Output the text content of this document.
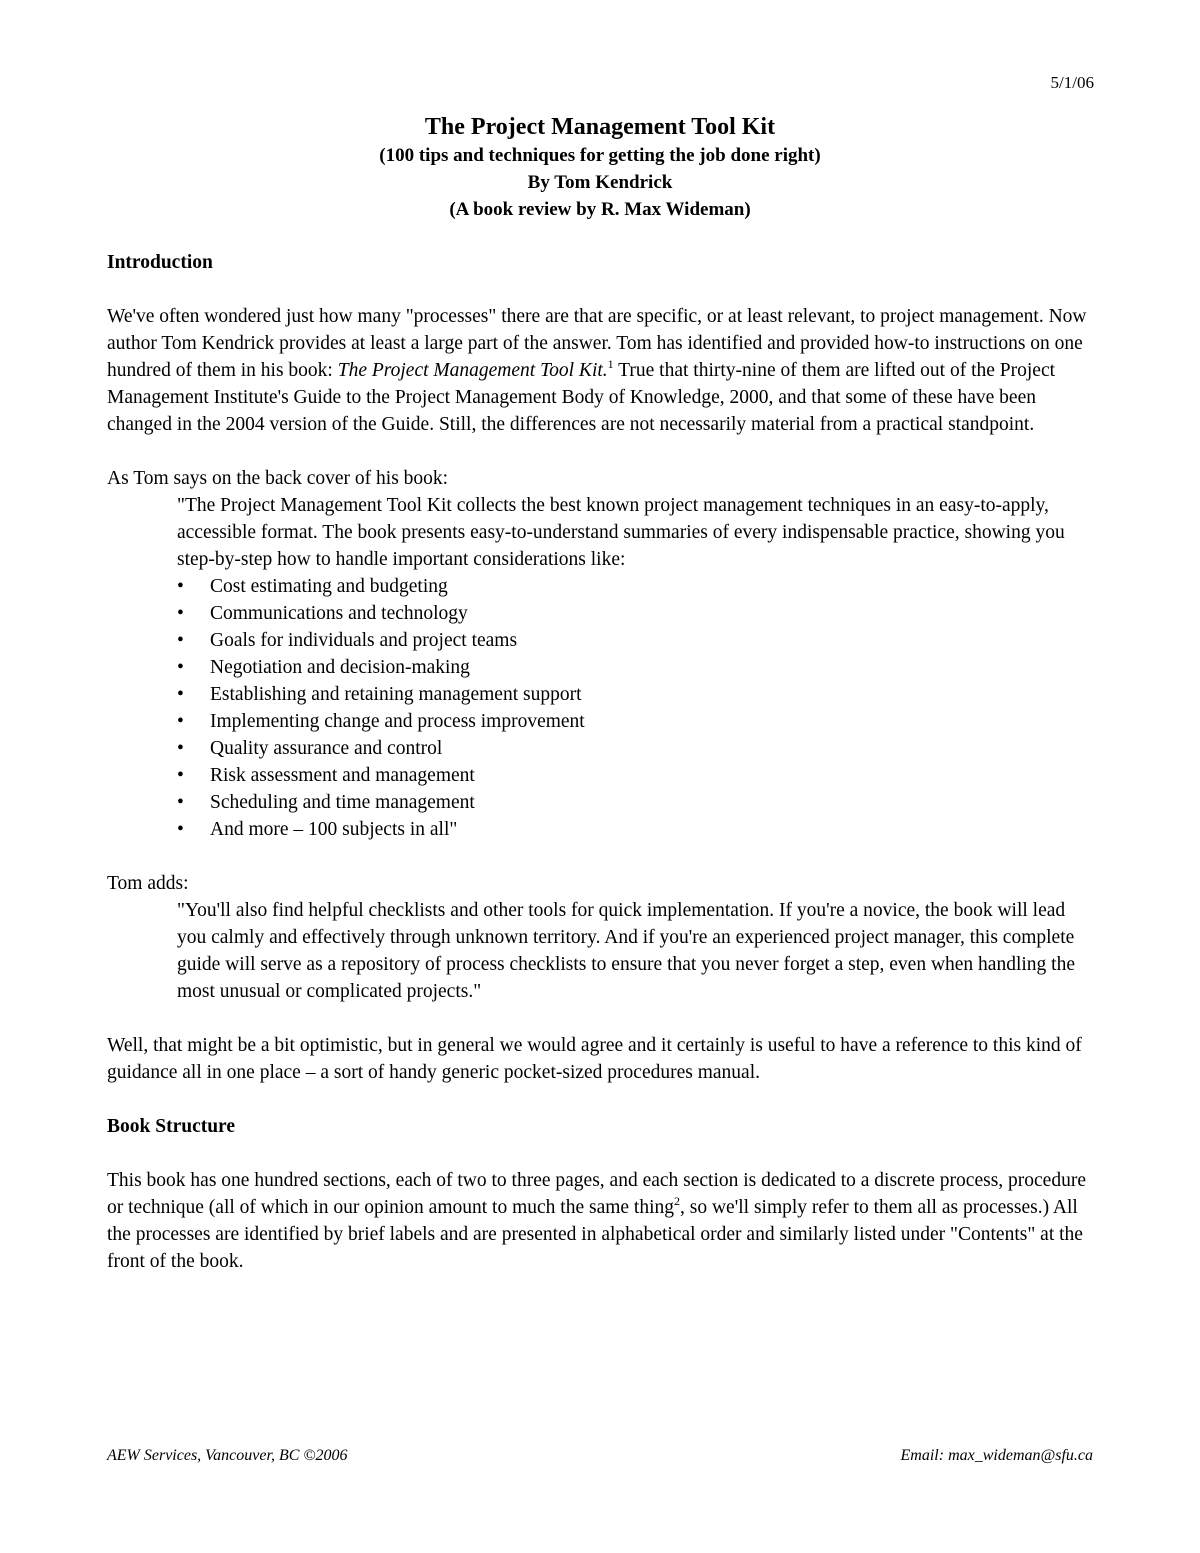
5/1/06

The Project Management Tool Kit

(100 tips and techniques for getting the job done right)

By Tom Kendrick

(A book review by R. Max Wideman)

Introduction

We've often wondered just how many "processes" there are that are specific, or at least relevant, to project management. Now author Tom Kendrick provides at least a large part of the answer. Tom has identified and provided how-to instructions on one hundred of them in his book: The Project Management Tool Kit.$^1$ True that thirty-nine of them are lifted out of the Project Management Institute's Guide to the Project Management Body of Knowledge, 2000, and that some of these have been changed in the 2004 version of the Guide. Still, the differences are not necessarily material from a practical standpoint.

As Tom says on the back cover of his book:

"The Project Management Tool Kit collects the best known project management techniques in an easy-to-apply, accessible format. The book presents easy-to-understand summaries of every indispensable practice, showing you step-by-step how to handle important considerations like:

• Cost estimating and budgeting
• Communications and technology
• Goals for individuals and project teams
• Negotiation and decision-making
• Establishing and retaining management support
• Implementing change and process improvement
• Quality assurance and control
• Risk assessment and management
• Scheduling and time management
• And more – 100 subjects in all"

Tom adds:

"You'll also find helpful checklists and other tools for quick implementation. If you're a novice, the book will lead you calmly and effectively through unknown territory. And if you're an experienced project manager, this complete guide will serve as a repository of process checklists to ensure that you never forget a step, even when handling the most unusual or complicated projects."

Well, that might be a bit optimistic, but in general we would agree and it certainly is useful to have a reference to this kind of guidance all in one place – a sort of handy generic pocket-sized procedures manual.

Book Structure

This book has one hundred sections, each of two to three pages, and each section is dedicated to a discrete process, procedure or technique (all of which in our opinion amount to much the same thing$^2$, so we'll simply refer to them all as processes.) All the processes are identified by brief labels and are presented in alphabetical order and similarly listed under "Contents" at the front of the book.

AEW Services, Vancouver, BC ©2006	Email: max_wideman@sfu.ca
